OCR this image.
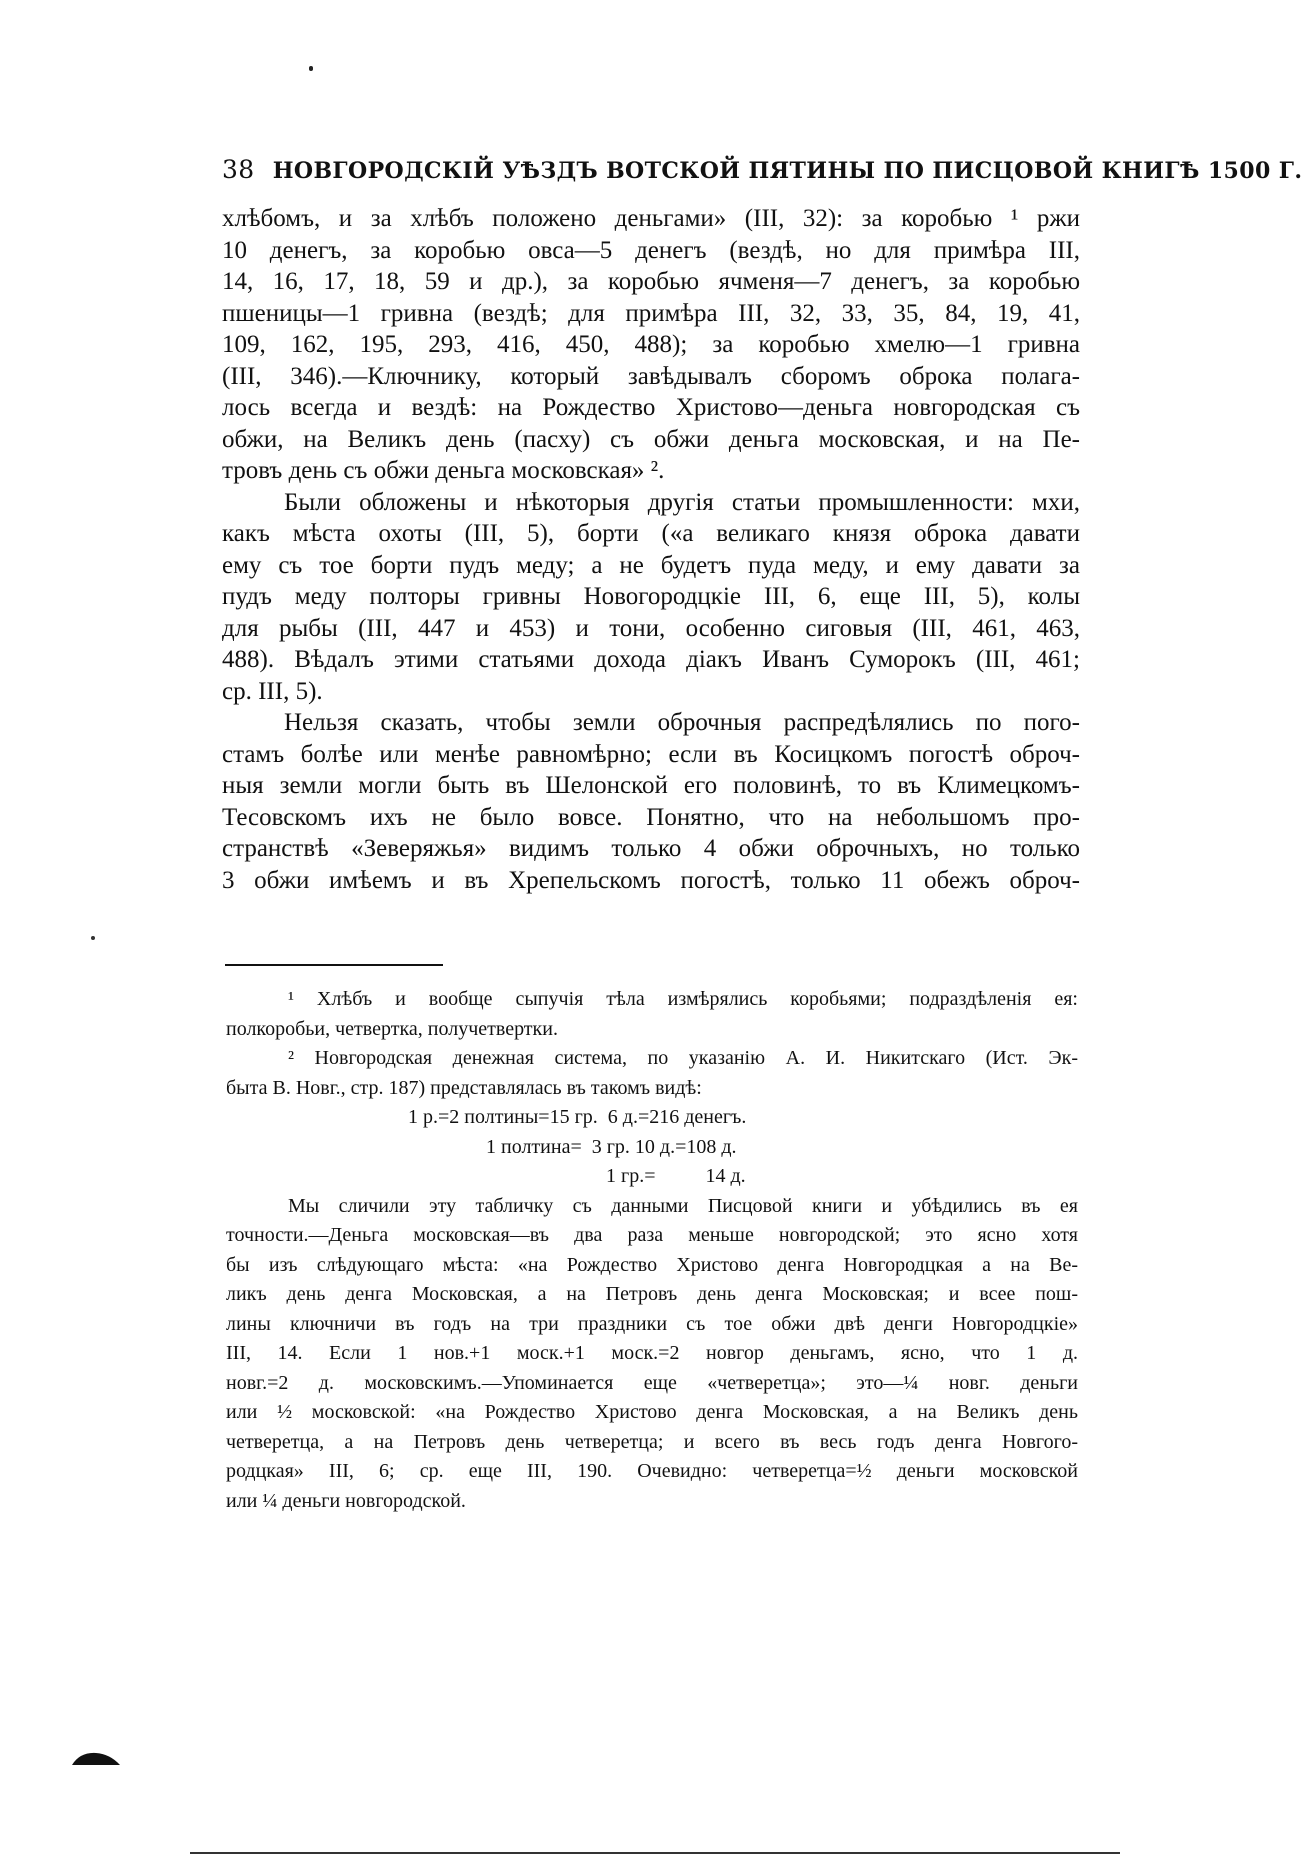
38 НОВГОРОДСКІЙ УѢЗДЪ ВОТСКОЙ ПЯТИНЫ ПО ПИСЦОВОЙ КНИГѢ 1500 Г.

хлѣбомъ, и за хлѣбъ положено деньгами» (III, 32): за коробью ¹ ржи
10 денегъ, за коробью овса—5 денегъ (вездѣ, но для примѣра III,
14, 16, 17, 18, 59 и др.), за коробью ячменя—7 денегъ, за коробью
пшеницы—1 гривна (вездѣ; для примѣра III, 32, 33, 35, 84, 19, 41,
109, 162, 195, 293, 416, 450, 488); за коробью хмелю—1 гривна
(III, 346).—Ключнику, который завѣдывалъ сборомъ оброка полага-
лось всегда и вездѣ: на Рождество Христово—деньга новгородская съ
обжи, на Великъ день (пасху) съ обжи деньга московская, и на Пе-
тровъ день съ обжи деньга московская» ².

Были обложены и нѣкоторыя другія статьи промышленности: мхи,
какъ мѣста охоты (III, 5), борти («а великаго князя оброка давати
ему съ тое борти пудъ меду; а не будетъ пуда меду, и ему давати за
пудъ меду полторы гривны Новогородцкіе III, 6, еще III, 5), колы
для рыбы (III, 447 и 453) и тони, особенно сиговыя (III, 461, 463,
488). Вѣдалъ этими статьями дохода діакъ Иванъ Суморокъ (III, 461;
ср. III, 5).

Нельзя сказать, чтобы земли оброчныя распредѣлялись по пого-
стамъ болѣе или менѣе равномѣрно; если въ Косицкомъ погостѣ оброч-
ныя земли могли быть въ Шелонской его половинѣ, то въ Климецкомъ-
Тесовскомъ ихъ не было вовсе. Понятно, что на небольшомъ про-
странствѣ «Зеверяжья» видимъ только 4 обжи оброчныхъ, но только
3 обжи имѣемъ и въ Хрепельскомъ погостѣ, только 11 обежъ оброч-

¹ Хлѣбъ и вообще сыпучія тѣла измѣрялись коробьями; подраздѣленія ея:
полкоробьи, четвертка, получетвертки.
² Новгородская денежная система, по указанію А. И. Никитскаго (Ист. Эк-
быта В. Новг., стр. 187) представлялась въ такомъ видѣ:
1 р.=2 полтины=15 гр.  6 д.=216 денегъ.
1 полтина=  3 гр. 10 д.=108 д.
1 гр.=          14 д.
Мы сличили эту табличку съ данными Писцовой книги и убѣдились въ ея
точности.—Деньга московская—въ два раза меньше новгородской; это ясно хотя
бы изъ слѣдующаго мѣста: «на Рождество Христово денга Новгородцкая а на Ве-
ликъ день денга Московская, а на Петровъ день денга Московская; и всее пош-
лины ключничи въ годъ на три праздники съ тое обжи двѣ денги Новгородцкіе»
III, 14. Если 1 нов.+1 моск.+1 моск.=2 новгор деньгамъ, ясно, что 1 д.
новг.=2 д. московскимъ.—Упоминается еще «четверетца»; это—¼ новг. деньги
или ½ московской: «на Рождество Христово денга Московская, а на Великъ день
четверетца, а на Петровъ день четверетца; и всего въ весь годъ денга Новгого-
родцкая» III, 6; ср. еще III, 190. Очевидно: четверетца=½ деньги московской
или ¼ деньги новгородской.
